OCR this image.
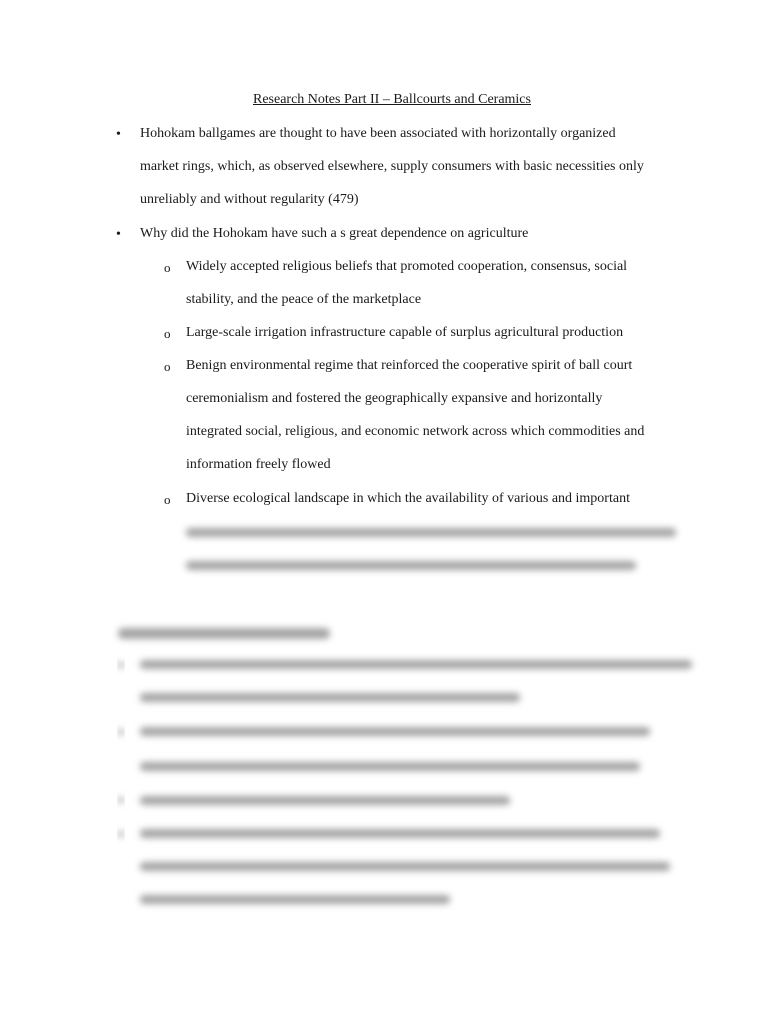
Research Notes Part II – Ballcourts and Ceramics
• Hohokam ballgames are thought to have been associated with horizontally organized
market rings, which, as observed elsewhere, supply consumers with basic necessities only
unreliably and without regularity (479)
• Why did the Hohokam have such a s great dependence on agriculture
o Widely accepted religious beliefs that promoted cooperation, consensus, social
stability, and the peace of the marketplace
o Large-scale irrigation infrastructure capable of surplus agricultural production
o Benign environmental regime that reinforced the cooperative spirit of ball court
ceremonialism and fostered the geographically expansive and horizontally
integrated social, religious, and economic network across which commodities and
information freely flowed
o Diverse ecological landscape in which the availability of various and important
